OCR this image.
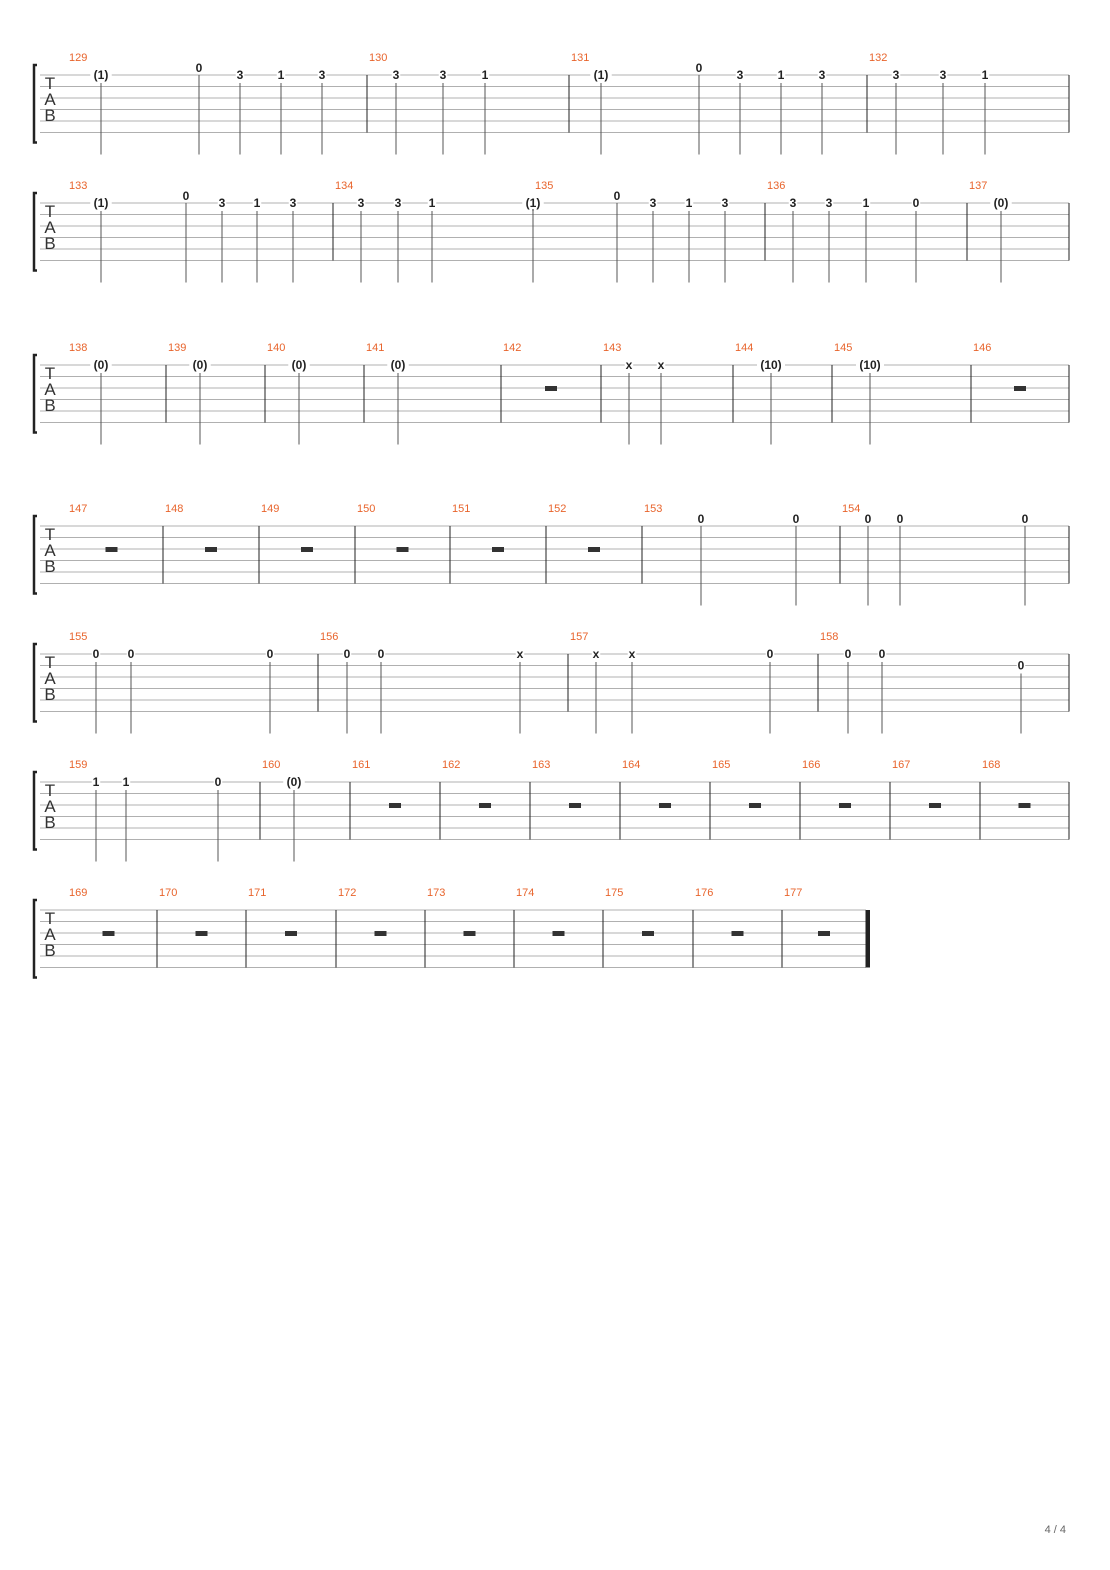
T
A
B
129
(1)	0	3	1	3
130
3	3	1
131
(1)	0	3	1	3
132
3	3	1
T
A
B
133
(1)	0 3 1 3
134
3	3 1
135
(1)	0 3 1 3
136
3 3	1	0
137
(0)
T
A
B
138
(0)
139
(0)
140
(0)
141
(0)
142	143
x x
144
(10)
145
(10)
146
T
A
B
147	148	149	150	151	152	153
0	0
154
0 0	0
T
A
B
155
0 0	0
156
0 0	x
157
x x	0
158
0 0
0
T
A
B
159
1 1	0
160
(0)
161	162	163	164	165	166	167	168
T
A
B
169	170	171	172	173	174	175	176	177
4 / 4
